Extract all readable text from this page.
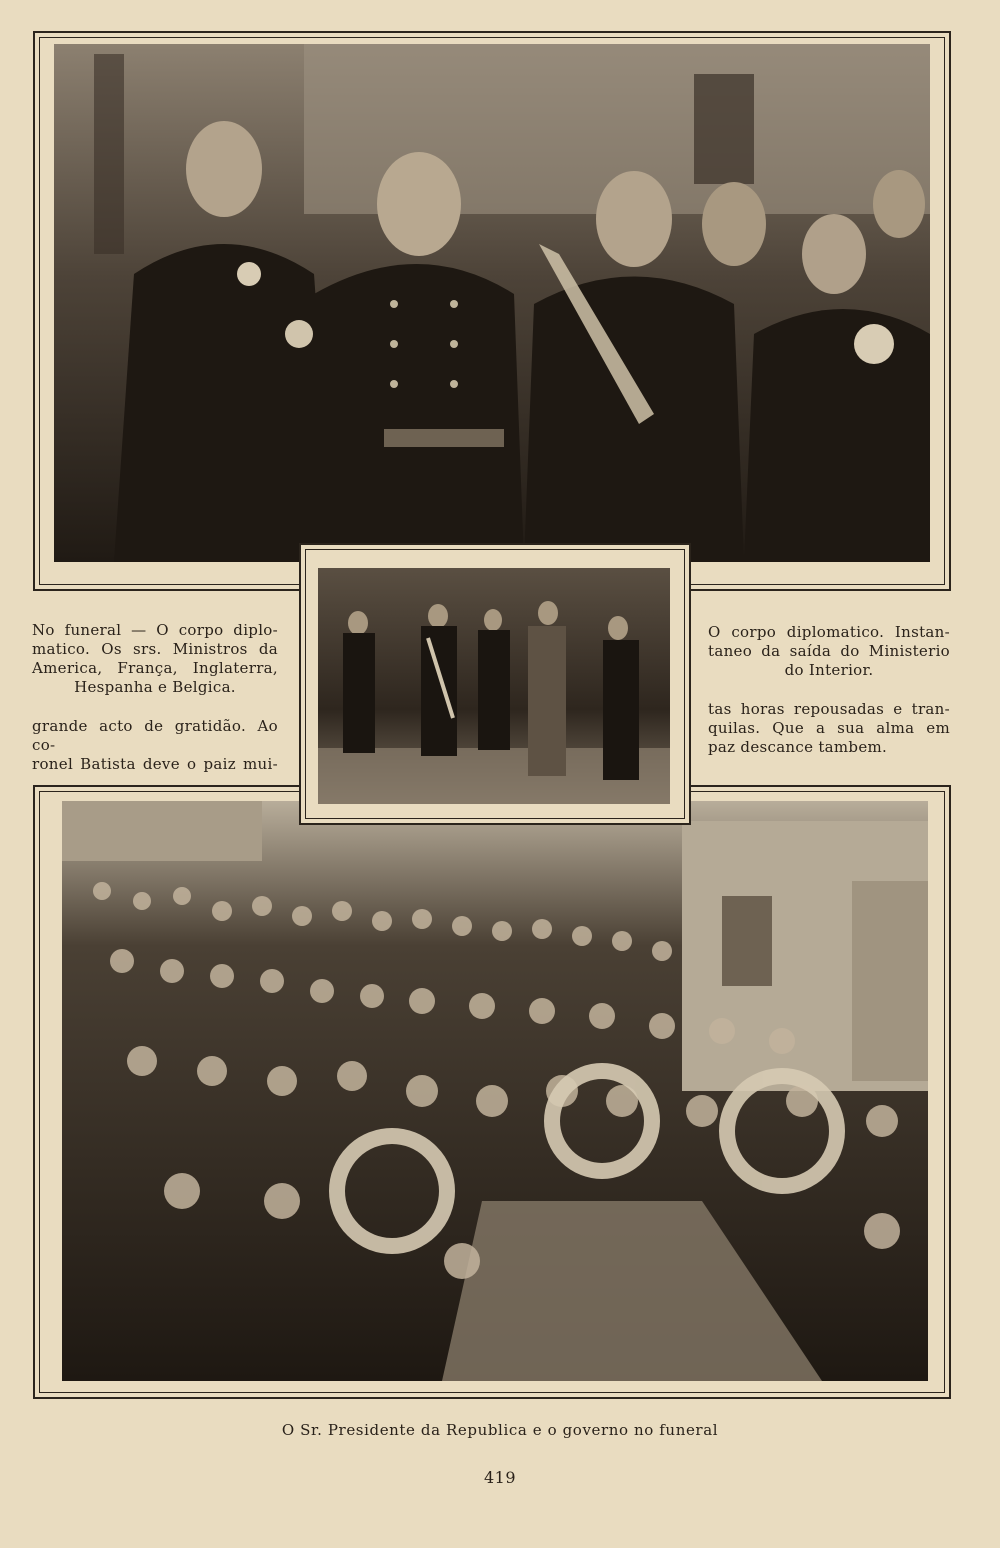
No funeral — O corpo diplo-

matico. Os srs. Ministros da

America, França, Inglaterra,

Hespanha e Belgica.

grande acto de gratidão. Ao co-

ronel Batista deve o paiz mui-

O corpo diplomatico. Instan-

taneo da saída do Ministerio

do Interior.

tas horas repousadas e tran-

quilas. Que a sua alma em

paz descance tambem.

O Sr. Presidente da Republica e o governo no funeral
419
